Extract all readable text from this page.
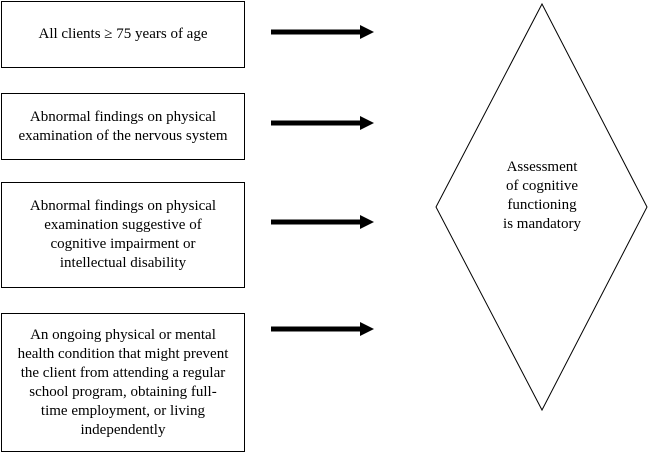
All clients ≥ 75 years of age
Abnormal findings on physical
examination of the nervous system
Abnormal findings on physical
examination suggestive of
cognitive impairment or
intellectual disability
An ongoing physical or mental
health condition that might prevent
the client from attending a regular
school program, obtaining full-
time employment, or living
independently
Assessment
of cognitive
functioning
is mandatory
